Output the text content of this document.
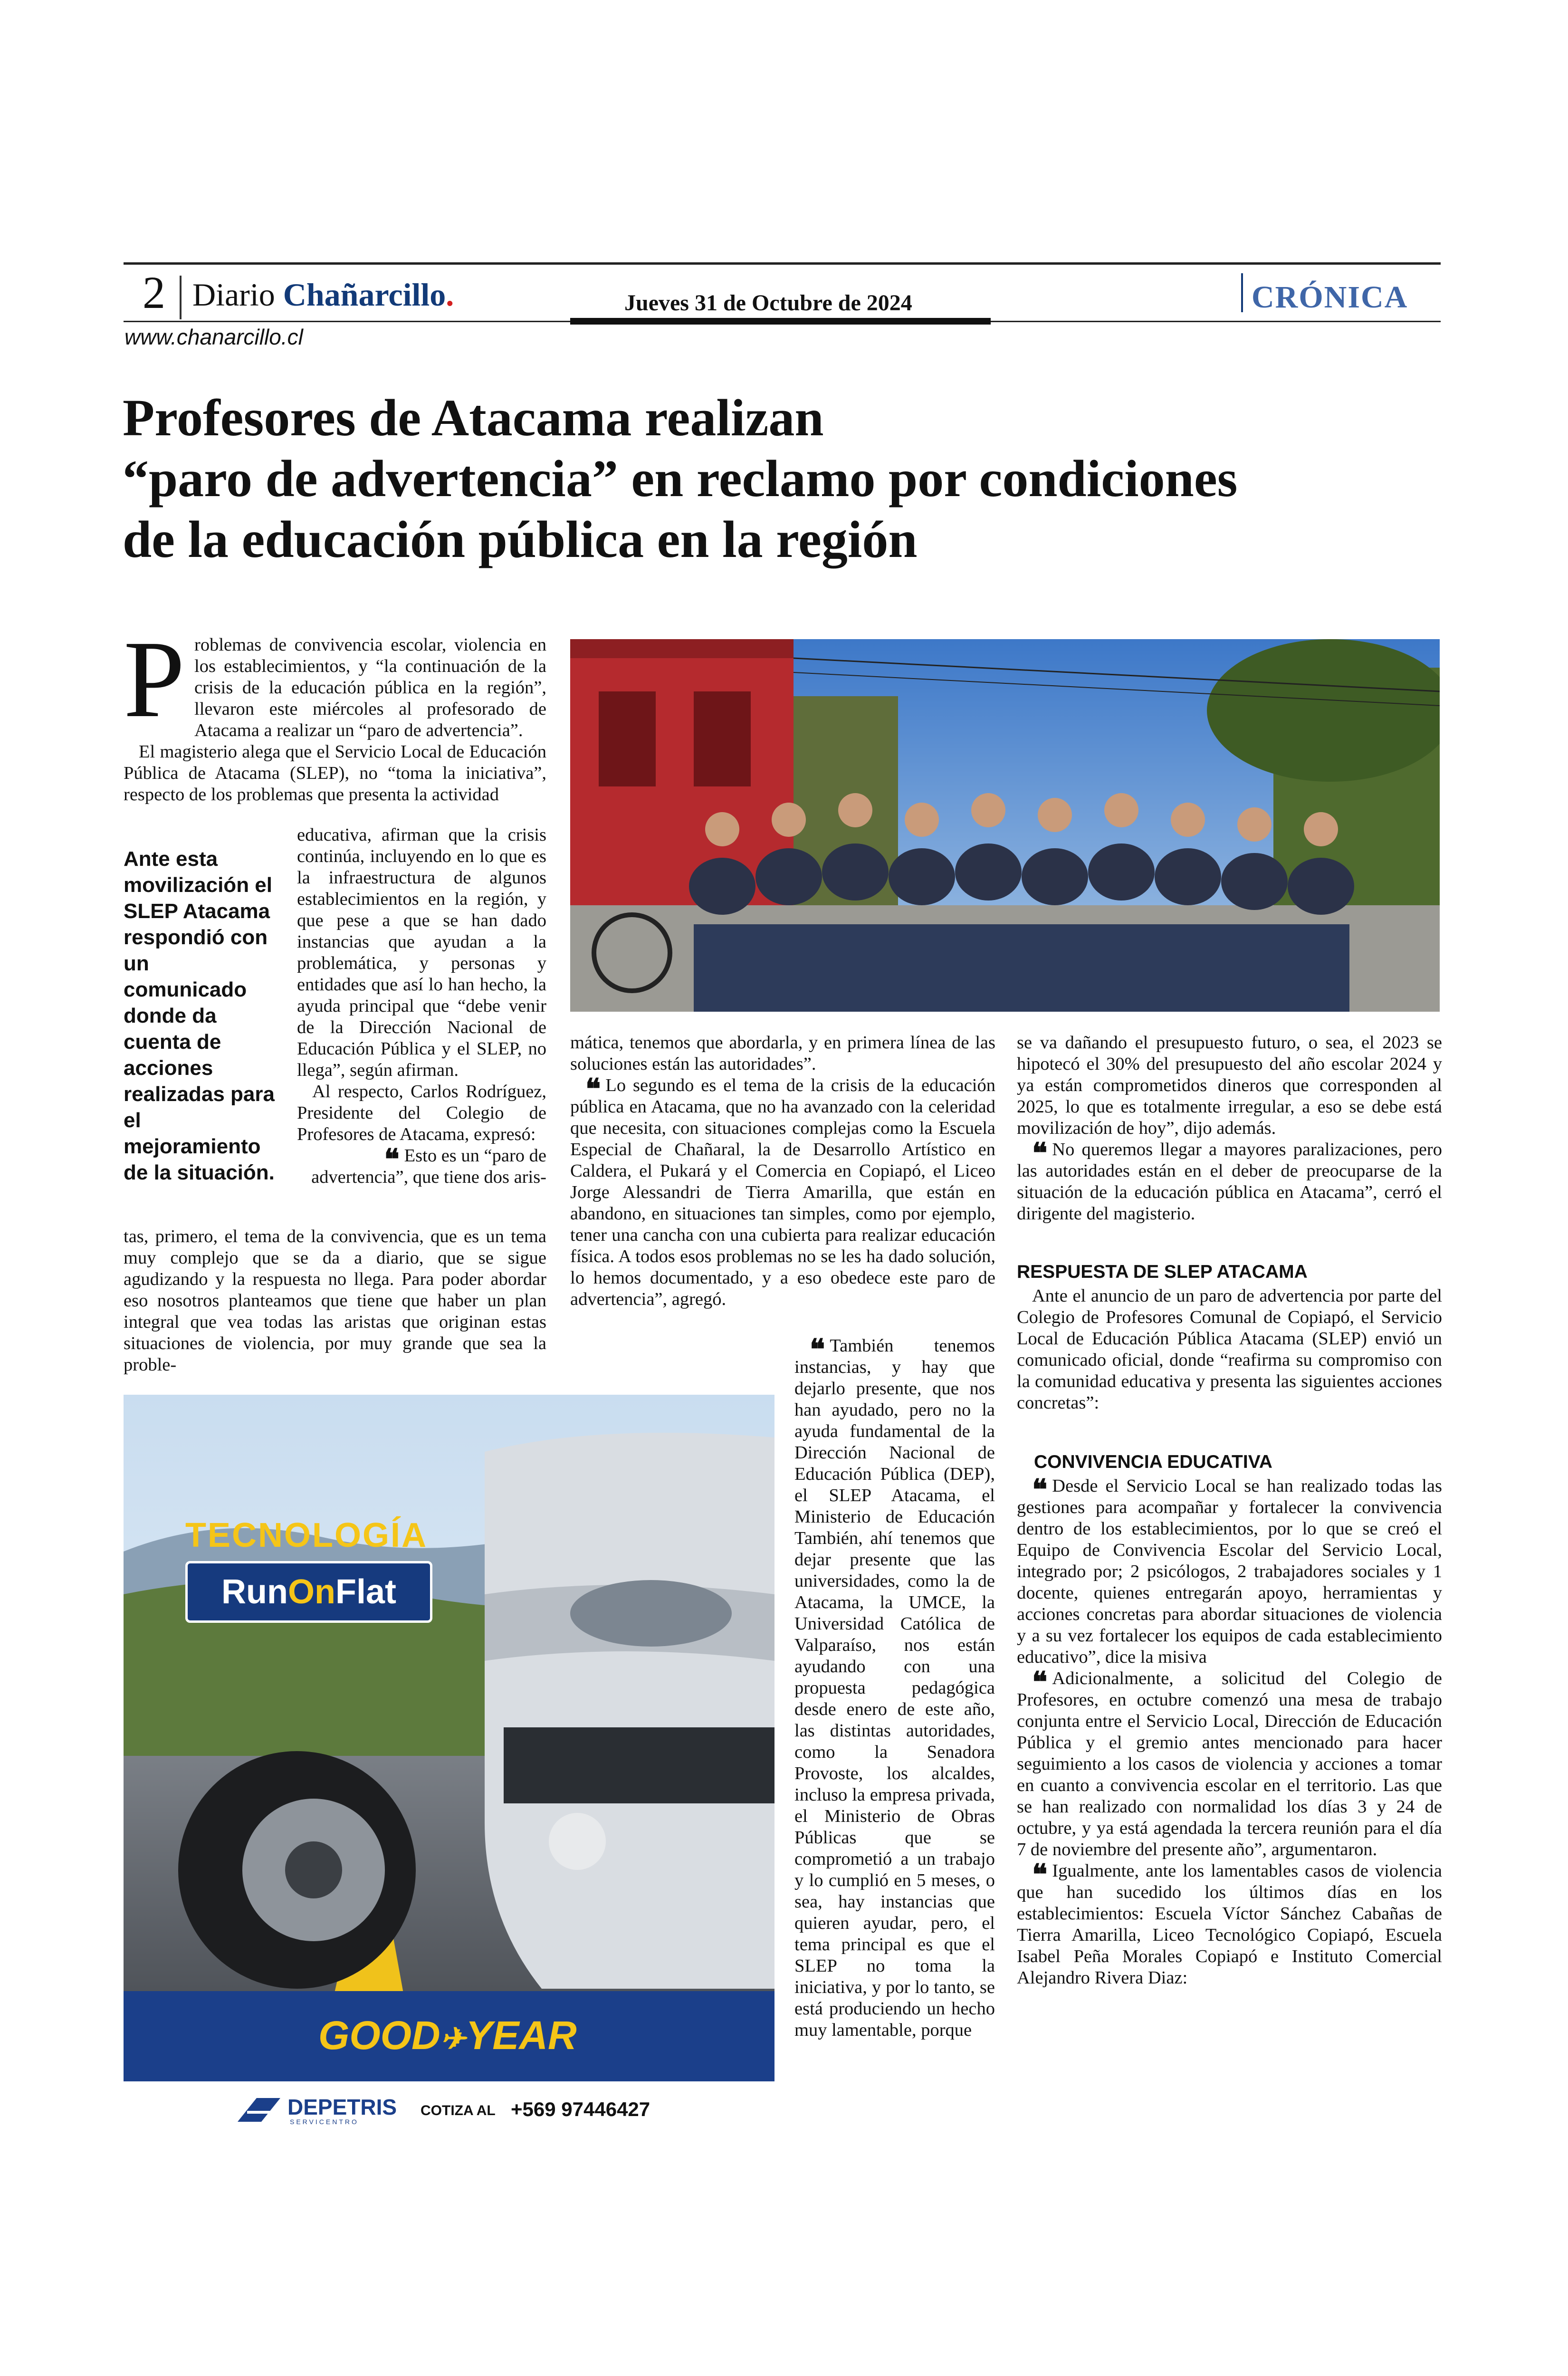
2 Diario Chañarcillo.	Jueves 31 de Octubre de 2024	CRÓNICA
www.chanarcillo.cl
Profesores de Atacama realizan
“paro de advertencia” en reclamo por condiciones
de la educación pública en la región
P roblemas de convivencia escolar, violencia en los establecimientos, y “la continuación de la crisis de la educación pública en la región”, llevaron este miércoles al profesorado de Atacama a realizar un “paro de advertencia”.

El magisterio alega que el Servicio Local de Educación Pública de Atacama (SLEP), no “toma la iniciativa”, respecto de los problemas que presenta la actividad

Ante esta movilización el SLEP Atacama respondió con un comunicado donde da cuenta de acciones realizadas para el mejoramiento de la situación.

educativa, afirman que la crisis continúa, incluyendo en lo que es la infraestructura de algunos establecimientos en la región, y que pese a que se han dado instancias que ayudan a la problemática, y personas y entidades que así lo han hecho, la ayuda principal que “debe venir de la Dirección Nacional de Educación Pública y el SLEP, no llega”, según afirman.

Al respecto, Carlos Rodríguez, Presidente del Colegio de Profesores de Atacama, expresó:

❝ Esto es un “paro de advertencia”, que tiene dos aris-

tas, primero, el tema de la convivencia, que es un tema muy complejo que se da a diario, que se sigue agudizando y la respuesta no llega. Para poder abordar eso nosotros planteamos que tiene que haber un plan integral que vea todas las aristas que originan estas situaciones de violencia, por muy grande que sea la proble-

mática, tenemos que abordarla, y en primera línea de las soluciones están las autoridades”.

❝ Lo segundo es el tema de la crisis de la educación pública en Atacama, que no ha avanzado con la celeridad que necesita, con situaciones complejas como la Escuela Especial de Chañaral, la de Desarrollo Artístico en Caldera, el Pukará y el Comercia en Copiapó, el Liceo Jorge Alessandri de Tierra Amarilla, que están en abandono, en situaciones tan simples, como por ejemplo, tener una cancha con una cubierta para realizar educación física. A todos esos problemas no se les ha dado solución, lo hemos documentado, y a eso obedece este paro de advertencia”, agregó.

❝ También tenemos instancias, y hay que dejarlo presente, que nos han ayudado, pero no la ayuda fundamental de la Dirección Nacional de Educación Pública (DEP), el SLEP Atacama, el Ministerio de Educación También, ahí tenemos que dejar presente que las universidades, como la de Atacama, la UMCE, la Universidad Católica de Valparaíso, nos están ayudando con una propuesta pedagógica desde enero de este año, las distintas autoridades, como la Senadora Provoste, los alcaldes, incluso la empresa privada, el Ministerio de Obras Públicas que se comprometió a un trabajo y lo cumplió en 5 meses, o sea, hay instancias que quieren ayudar, pero, el tema principal es que el SLEP no toma la iniciativa, y por lo tanto, se está produciendo un hecho muy lamentable, porque

se va dañando el presupuesto futuro, o sea, el 2023 se hipotecó el 30% del presupuesto del año escolar 2024 y ya están comprometidos dineros que corresponden al 2025, lo que es totalmente irregular, a eso se debe está movilización de hoy”, dijo además.

❝ No queremos llegar a mayores paralizaciones, pero las autoridades están en el deber de preocuparse de la situación de la educación pública en Atacama”, cerró el dirigente del magisterio.

RESPUESTA DE SLEP ATACAMA

Ante el anuncio de un paro de advertencia por parte del Colegio de Profesores Comunal de Copiapó, el Servicio Local de Educación Pública Atacama (SLEP) envió un comunicado oficial, donde “reafirma su compromiso con la comunidad educativa y presenta las siguientes acciones concretas”:

CONVIVENCIA EDUCATIVA

❝ Desde el Servicio Local se han realizado todas las gestiones para acompañar y fortalecer la convivencia dentro de los establecimientos, por lo que se creó el Equipo de Convivencia Escolar del Servicio Local, integrado por; 2 psicólogos, 2 trabajadores sociales y 1 docente, quienes entregarán apoyo, herramientas y acciones concretas para abordar situaciones de violencia y a su vez fortalecer los equipos de cada establecimiento educativo”, dice la misiva

❝ Adicionalmente, a solicitud del Colegio de Profesores, en octubre comenzó una mesa de trabajo conjunta entre el Servicio Local, Dirección de Educación Pública y el gremio antes mencionado para hacer seguimiento a los casos de violencia y acciones a tomar en cuanto a convivencia escolar en el territorio. Las que se han realizado con normalidad los días 3 y 24 de octubre, y ya está agendada la tercera reunión para el día 7 de noviembre del presente año”, argumentaron.

❝ Igualmente, ante los lamentables casos de violencia que han sucedido los últimos días en los establecimientos: Escuela Víctor Sánchez Cabañas de Tierra Amarilla, Liceo Tecnológico Copiapó, Escuela Isabel Peña Morales Copiapó e Instituto Comercial Alejandro Rivera Diaz:

TECNOLOGÍA
RunOnFlat
GOOD✈YEAR
DEPETRIS
SERVICENTRO
COTIZA AL +569 97446427
